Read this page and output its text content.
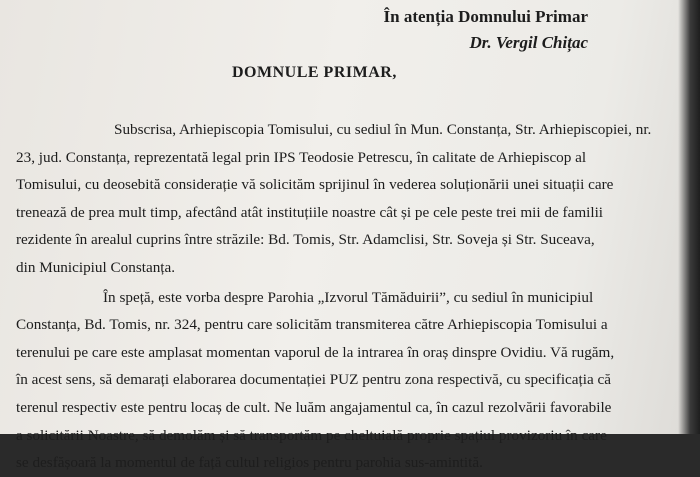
În atenția Domnului Primar
Dr. Vergil Chițac
DOMNULE PRIMAR,
Subscrisa, Arhiepiscopia Tomisului, cu sediul în Mun. Constanța, Str. Arhiepiscopiei, nr.
23, jud. Constanța, reprezentată legal prin IPS Teodosie Petrescu, în calitate de Arhiepiscop al
Tomisului, cu deosebită considerație vă solicităm sprijinul în vederea soluționării unei situații care
trenează de prea mult timp, afectând atât instituțiile noastre cât și pe cele peste trei mii de familii
rezidente în arealul cuprins între străzile: Bd. Tomis, Str. Adamclisi, Str. Soveja și Str. Suceava,
din Municipiul Constanța.
În speță, este vorba despre Parohia „Izvorul Tămăduirii”, cu sediul în municipiul
Constanța, Bd. Tomis, nr. 324, pentru care solicităm transmiterea către Arhiepiscopia Tomisului a
terenului pe care este amplasat momentan vaporul de la intrarea în oraș dinspre Ovidiu. Vă rugăm,
în acest sens, să demarați elaborarea documentației PUZ pentru zona respectivă, cu specificația că
terenul respectiv este pentru locaș de cult. Ne luăm angajamentul ca, în cazul rezolvării favorabile
a solicitării Noastre, să demolăm și să transportăm pe cheltuială proprie spațiul provizoriu în care
se desfășoară la momentul de față cultul religios pentru parohia sus-amintită.
